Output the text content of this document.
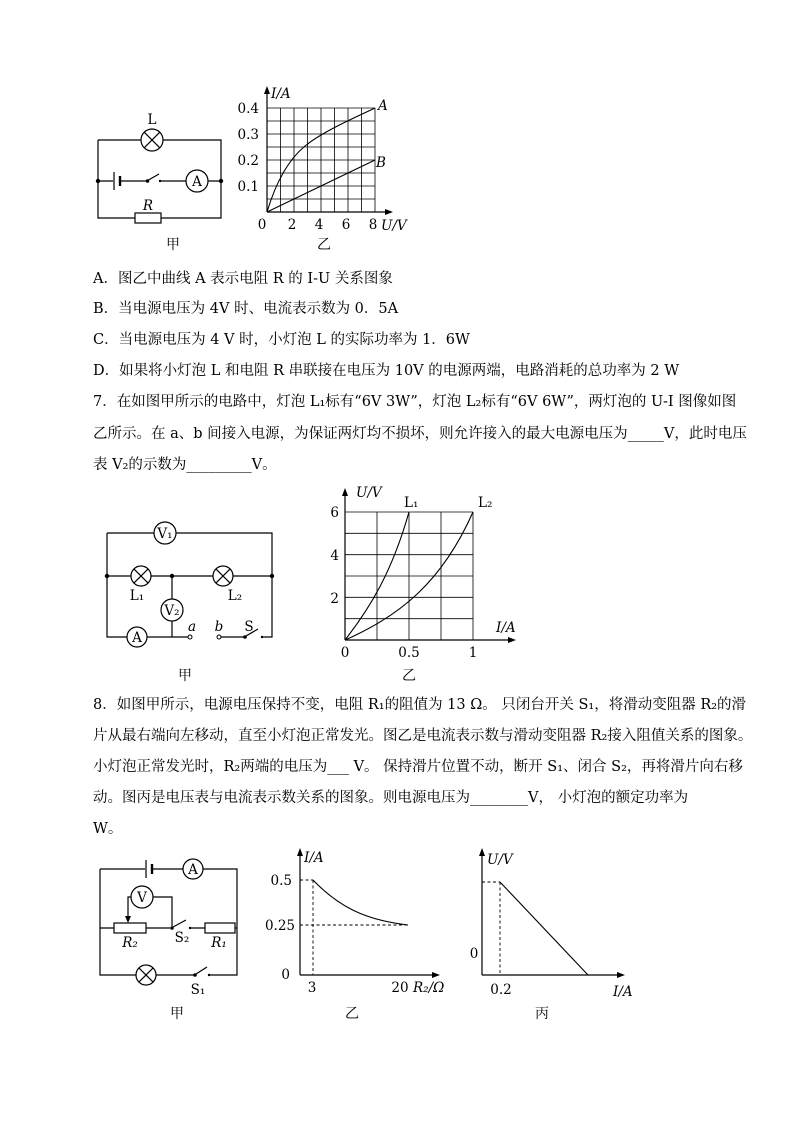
A．图乙中曲线 A 表示电阻 R 的 I-U 关系图象
B．当电源电压为 4V 时、电流表示数为 0．5A
C．当电源电压为 4 V 时，小灯泡 L 的实际功率为 1．6W
D．如果将小灯泡 L 和电阻 R 串联接在电压为 10V 的电源两端，电路消耗的总功率为 2 W
7．在如图甲所示的电路中，灯泡 L₁标有“6V 3W”，灯泡 L₂标有“6V 6W”，两灯泡的 U-I 图像如图
乙所示。在 a、b 间接入电源，为保证两灯均不损坏，则允许接入的最大电源电压为_____V，此时电压
表 V₂的示数为_________V。
8．如图甲所示，电源电压保持不变，电阻 R₁的阻值为 13 Ω。 只闭台开关 S₁，将滑动变阻器 R₂的滑
片从最右端向左移动，直至小灯泡正常发光。图乙是电流表示数与滑动变阻器 R₂接入阻值关系的图象。
小灯泡正常发光时，R₂两端的电压为___ V。 保持滑片位置不动，断开 S₁、闭合 S₂，再将滑片向右移
动。图丙是电压表与电流表示数关系的图象。则电源电压为________V， 小灯泡的额定功率为
W。
A
L
R
甲
I/A
U/V
0.4
0.3
0.2
0.1
0 2 4 6 8
A
B
乙
V₁
V₂
A
L₁	L₂
a b S
甲
U/V
I/A
6
4
2
0	0.5	1
L₁	L₂
乙
A
V
R₂	S₂ R₁
S₁
甲
I/A
R₂/Ω
0.5
0.25
0
3	20
乙
U/V
I/A
0
0.2
丙
